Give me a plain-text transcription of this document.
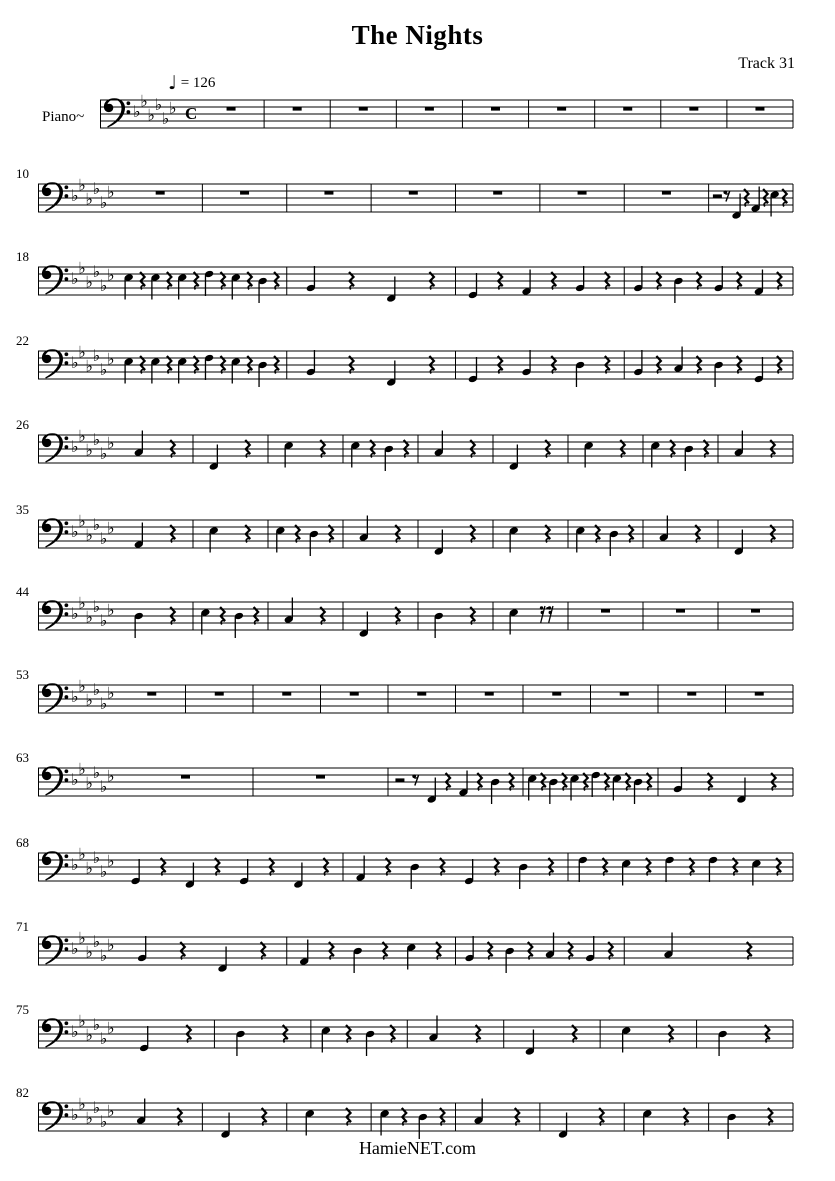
The Nights
Track 31
♩ = 126
Piano~	♭
♭
♭
♭
♭
♭ C
♭
♭
♭
♭
♭
♭
♭
♭
♭
♭
♭
♭
♭
♭
♭
♭
♭
♭
♭
♭
♭
♭
♭
♭
♭
♭
♭
♭
♭
♭
♭
♭
♭
♭
♭
♭
♭
♭
♭
♭
♭
♭
♭
♭
♭
♭
♭
♭
♭
♭
♭
♭
♭
♭
♭
♭
♭
♭
♭
♭
♭
♭
♭
♭
♭
♭
♭
♭
♭
♭
♭
♭
HamieNET.com
10
18
22
26
35
44
53
63
68
71
75
82
